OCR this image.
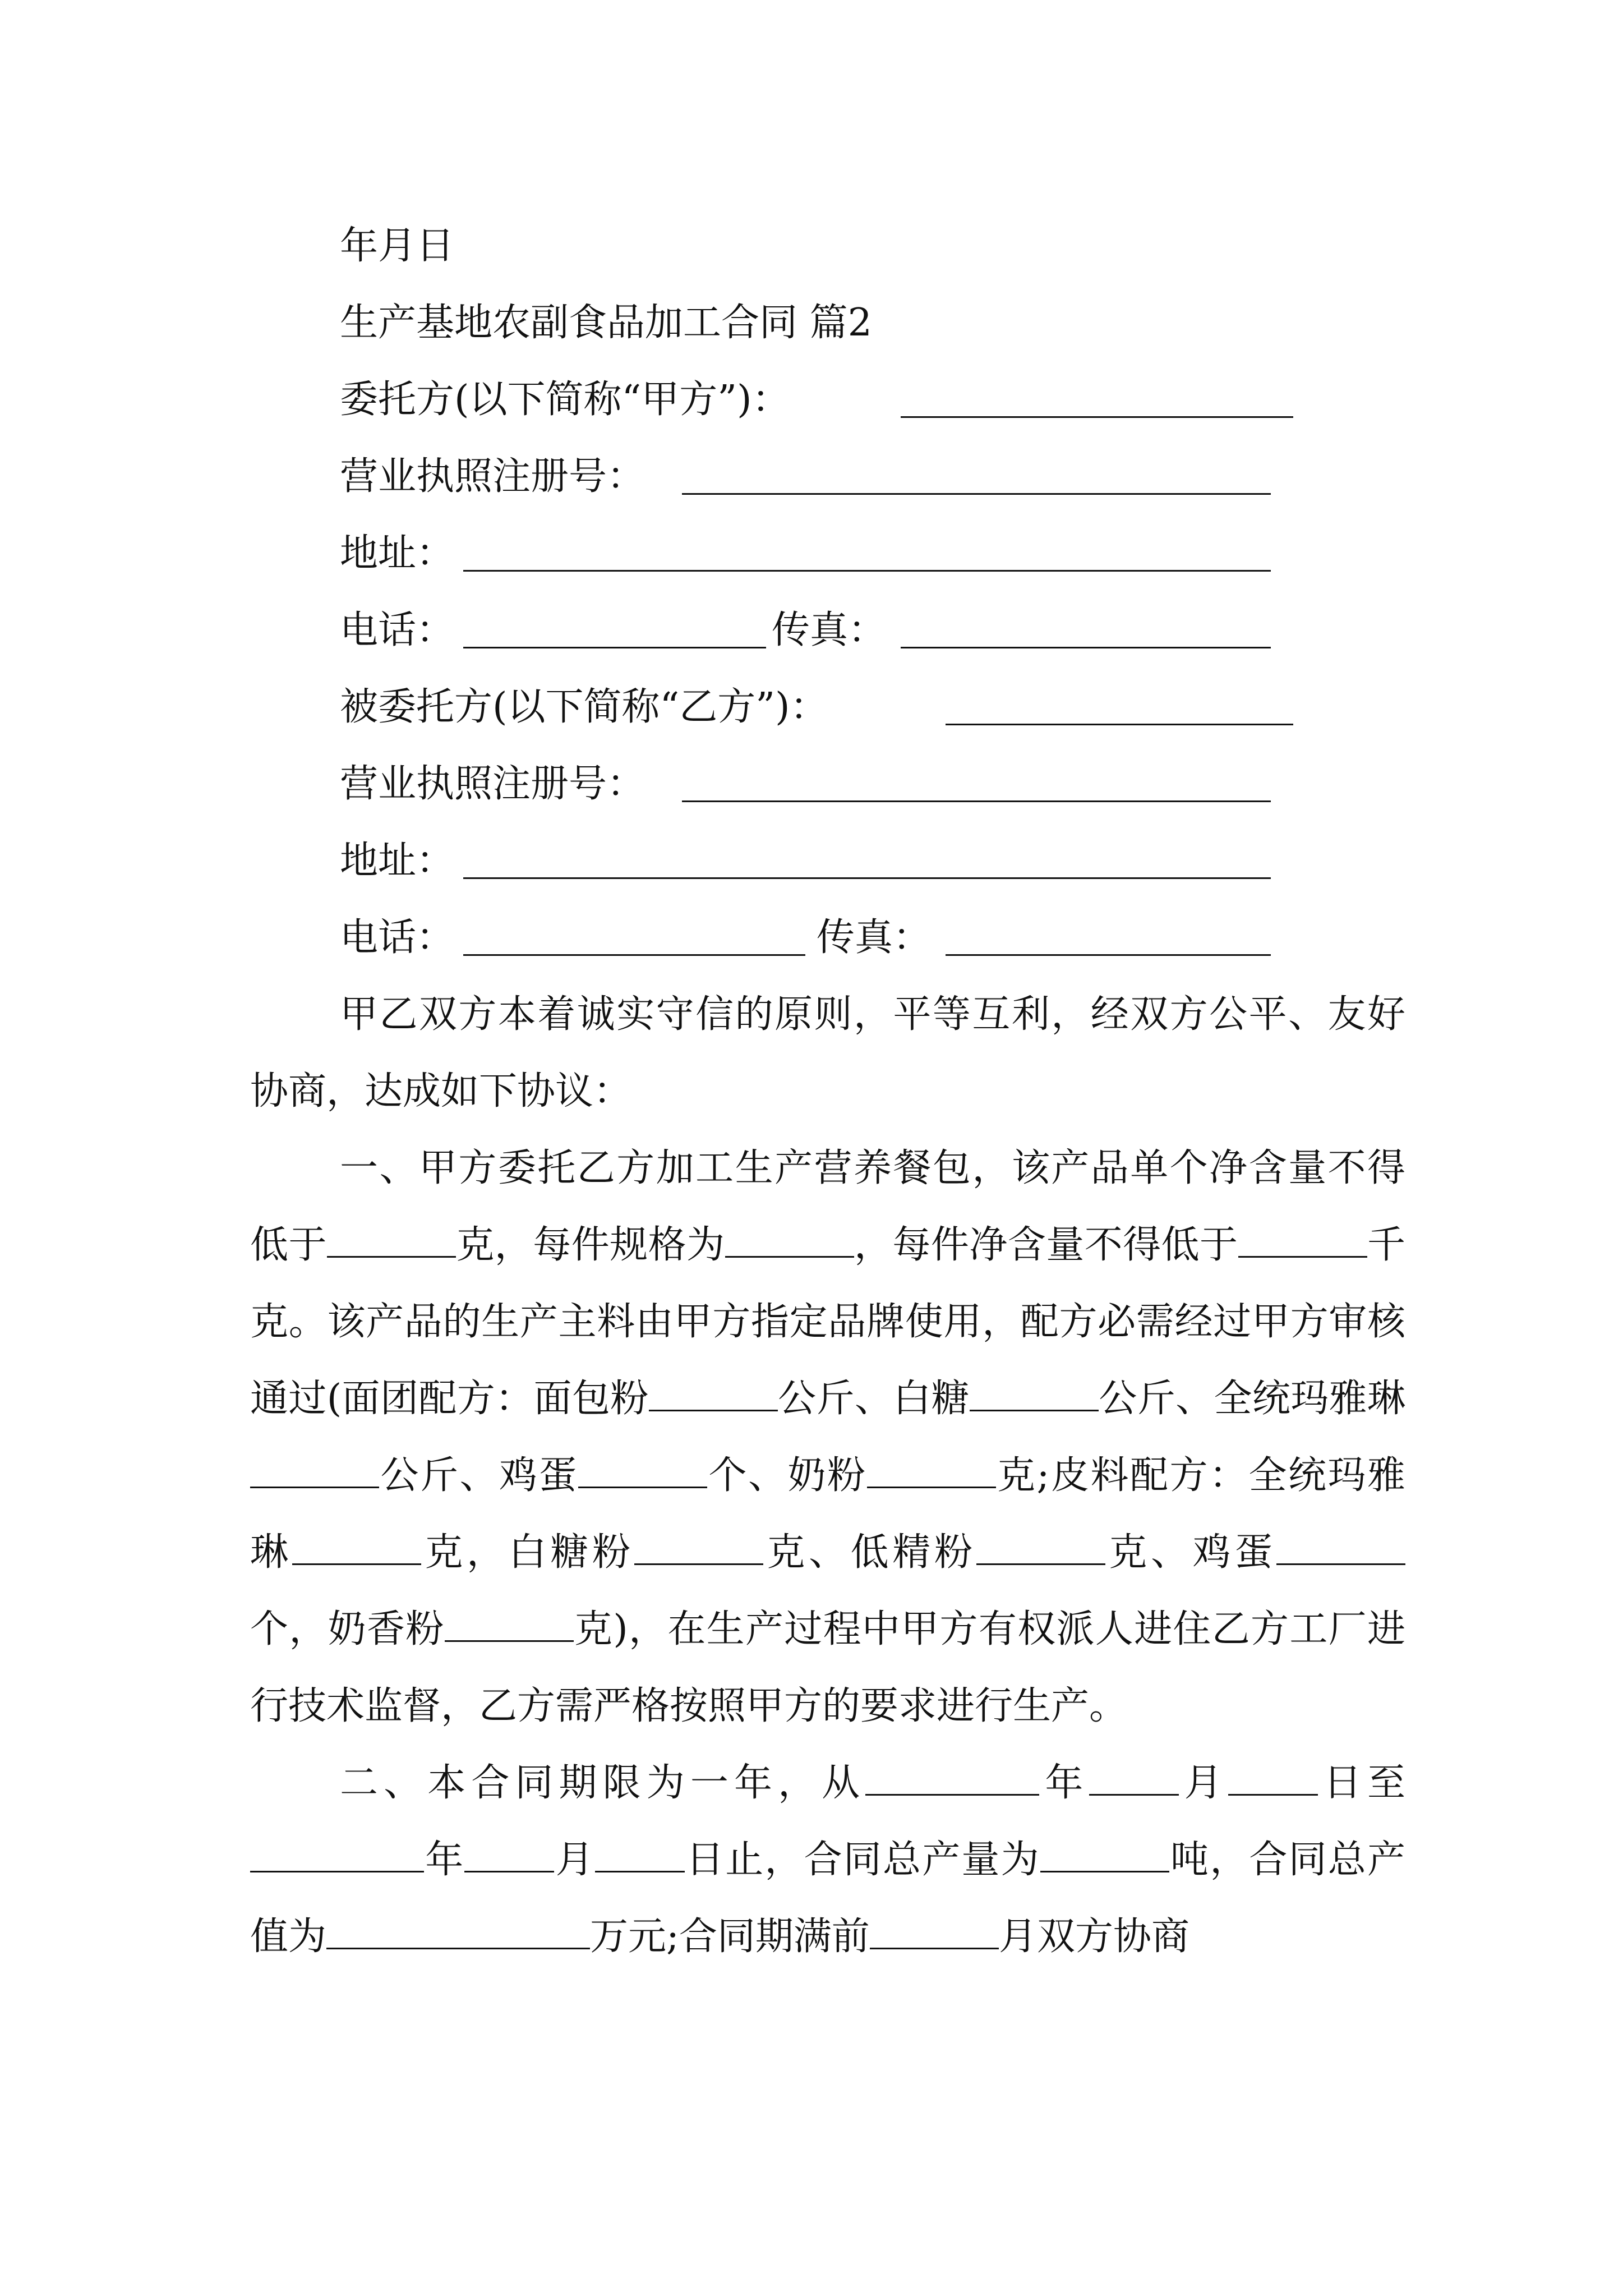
年月日
生产基地农副食品加工合同 篇2
委托方(以下简称“甲方”)：
营业执照注册号：
地址：
电话：	传真：
被委托方(以下简称“乙方”)：
营业执照注册号：
地址：
电话：	传真：
甲乙双方本着诚实守信的原则，平等互利，经双方公平、友好协商，达成如下协议：
一、甲方委托乙方加工生产营养餐包，该产品单个净含量不得低于	克，每件规格为	，每件净含量不得低于	千克。该产品的生产主料由甲方指定品牌使用，配方必需经过甲方审核通过(面团配方：面包粉	公斤、白糖	公斤、全统玛雅琳公斤、鸡蛋	个、奶粉	克;皮料配方：全统玛雅琳	克，白糖粉	克、低精粉	克、鸡蛋个，奶香粉	克)，在生产过程中甲方有权派人进住乙方工厂进行技术监督，乙方需严格按照甲方的要求进行生产。
二、本合同期限为一年，从	年 月 日至年 月 日止，合同总产量为	吨，合同总产值为	万元;合同期满前	月双方协商
